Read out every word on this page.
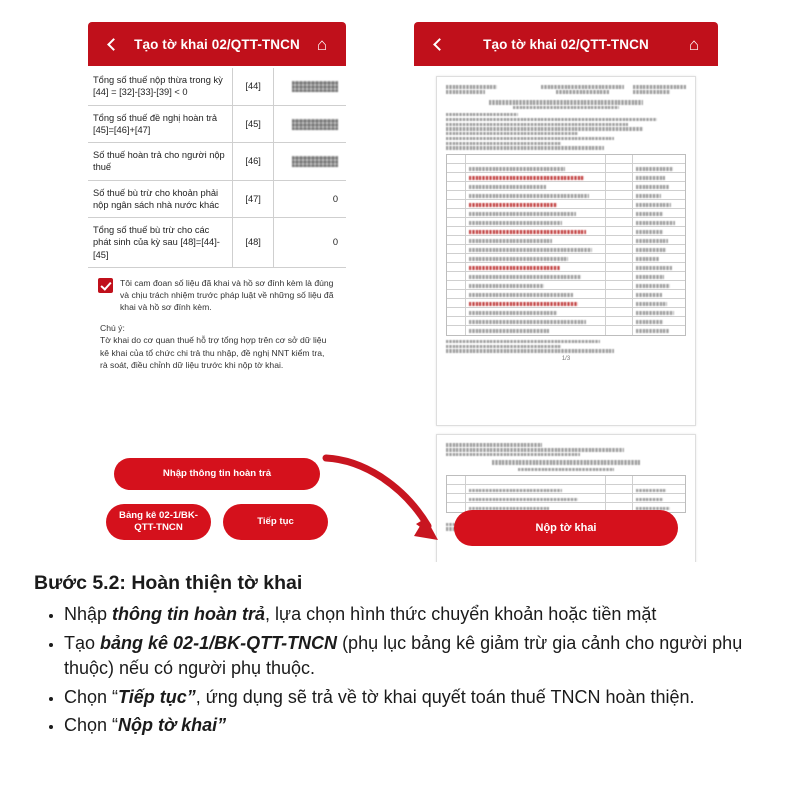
Tạo tờ khai 02/QTT-TNCN	⌂
Tổng số thuế nộp thừa trong kỳ [44] = [32]-[33]-[39] < 0	[44]	
Tổng số thuế đề nghị hoàn trả [45]=[46]+[47]	[45]	
Số thuế hoàn trả cho người nộp thuế	[46]	
Số thuế bù trừ cho khoản phải nộp ngân sách nhà nước khác	[47]	0
Tổng số thuế bù trừ cho các phát sinh của kỳ sau [48]=[44]-[45]	[48]	0
Tôi cam đoan số liệu đã khai và hồ sơ đính kèm là đúng và chịu trách nhiệm trước pháp luật về những số liệu đã khai và hồ sơ đính kèm.
Chú ý:
Tờ khai do cơ quan thuế hỗ trợ tổng hợp trên cơ sở dữ liệu kê khai của tổ chức chi trả thu nhập, đề nghị NNT kiểm tra, rà soát, điều chỉnh dữ liệu trước khi nộp tờ khai.
Nhập thông tin hoàn trả
Bảng kê 02-1/BK-QTT-TNCN
Tiếp tục
Tạo tờ khai 02/QTT-TNCN	⌂
1/3
Nộp tờ khai
Bước 5.2: Hoàn thiện tờ khai
• Nhập thông tin hoàn trả, lựa chọn hình thức chuyển khoản hoặc tiền mặt
• Tạo bảng kê 02-1/BK-QTT-TNCN (phụ lục bảng kê giảm trừ gia cảnh cho người phụ thuộc) nếu có người phụ thuộc.
• Chọn “Tiếp tục”, ứng dụng sẽ trả về tờ khai quyết toán thuế TNCN hoàn thiện.
• Chọn “Nộp tờ khai”
